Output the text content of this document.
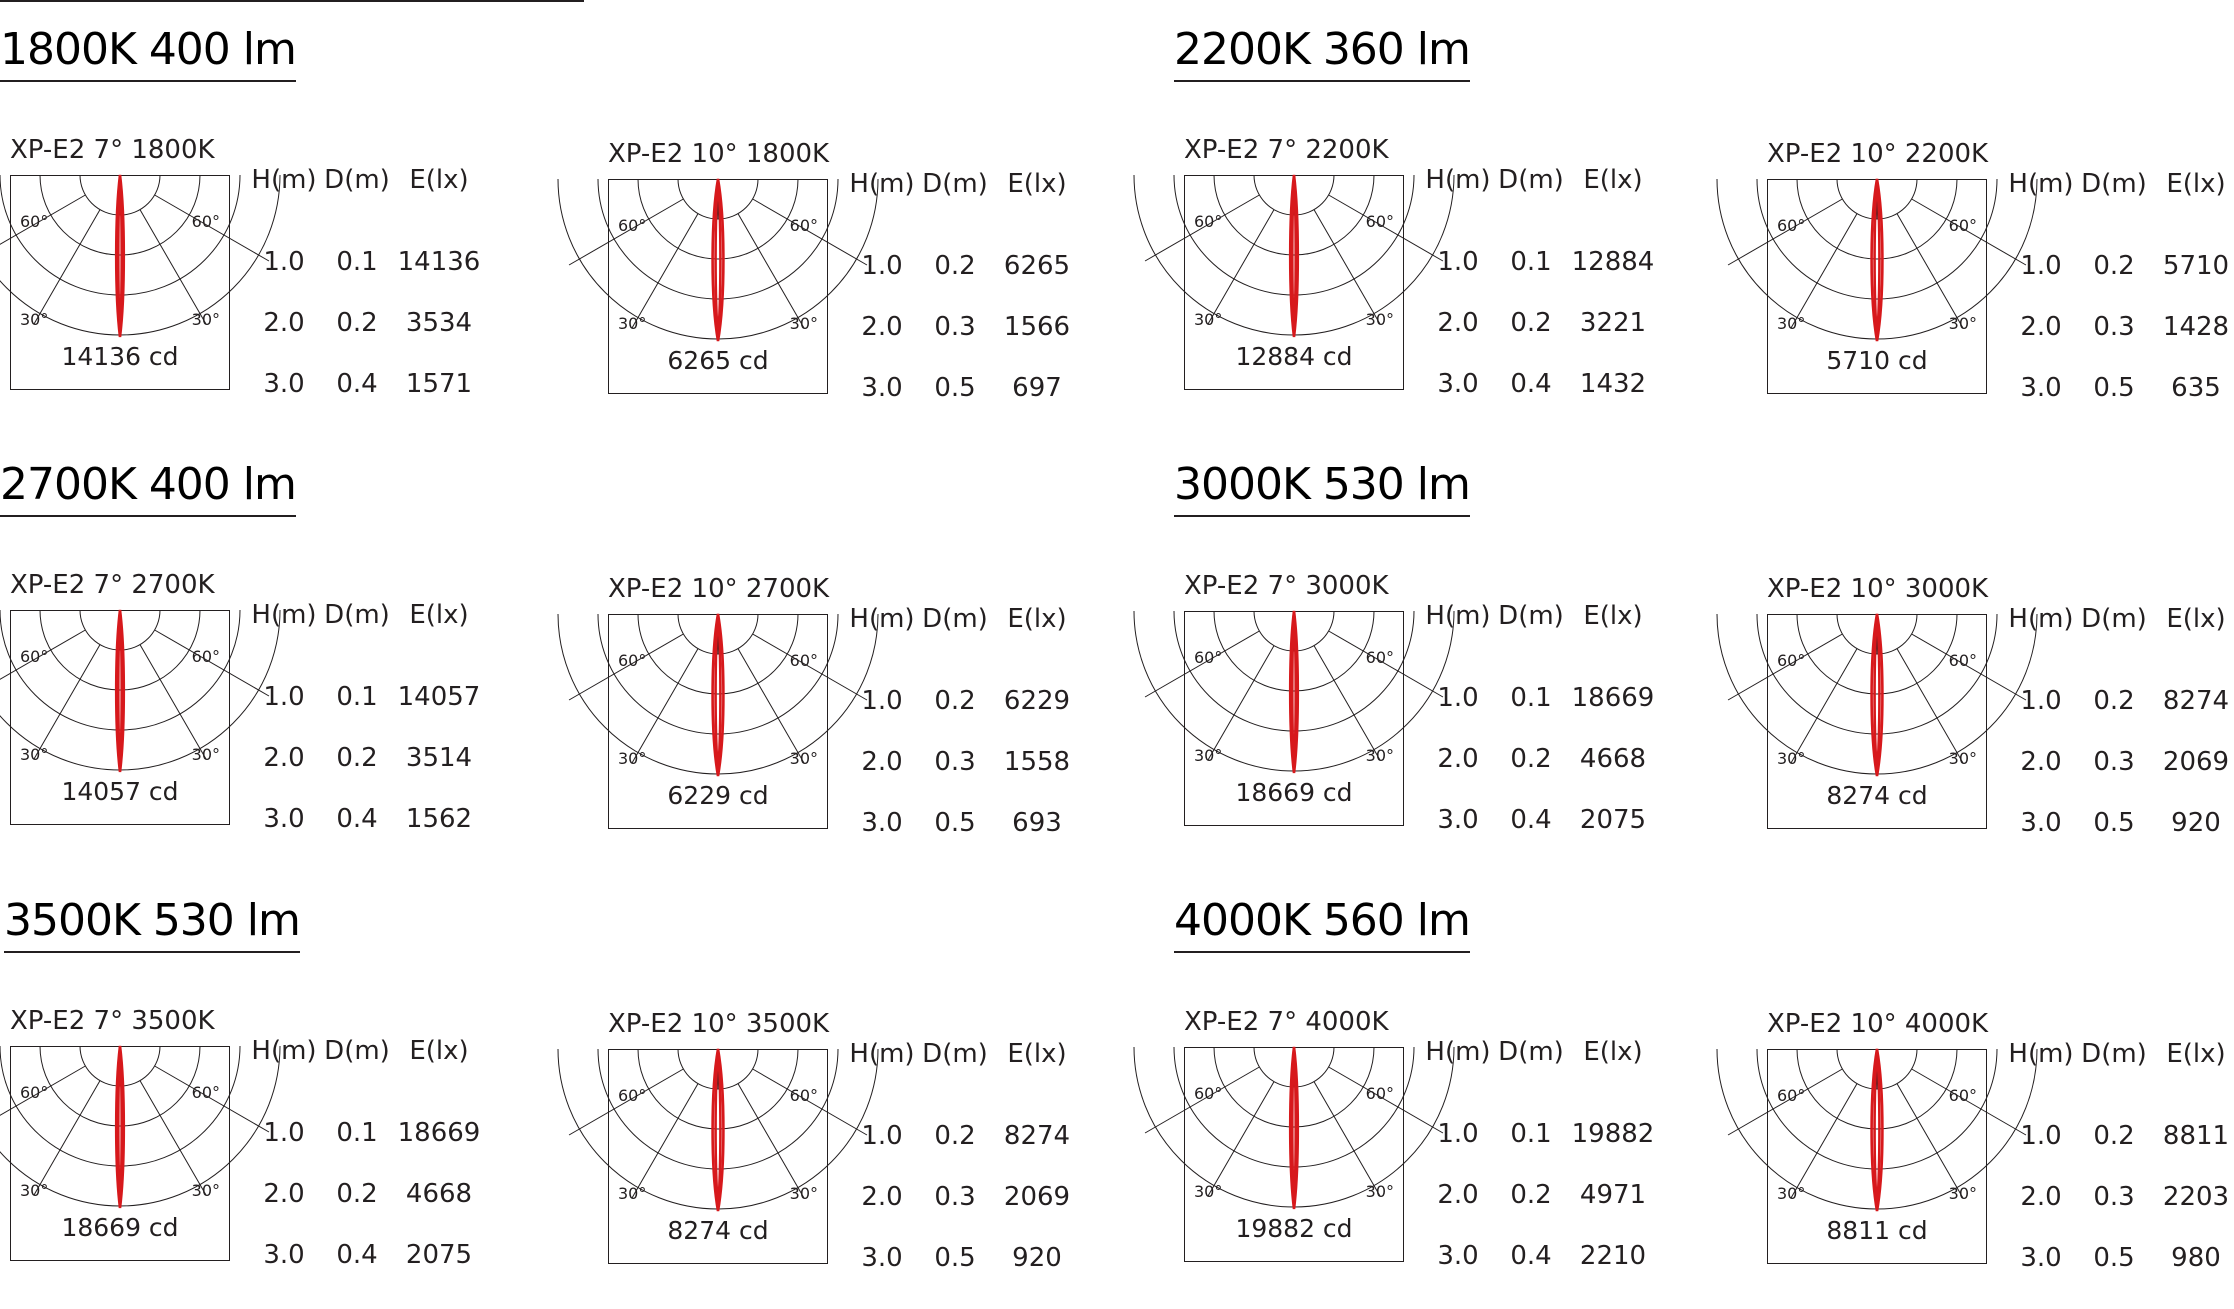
1800K 400 lm	2200K 360 lm
2700K 400 lm	3000K 530 lm
3500K 530 lm	4000K 560 lm
XP-E2 7° 1800K
60°	60°
30°	30°
14136 cd
H(m)	D(m)	E(lx)
1.0	0.1	14136
2.0	0.2	3534
3.0	0.4	1571
XP-E2 10° 1800K
60°	60°
30°	30°
6265 cd
H(m)	D(m)	E(lx)
1.0	0.2	6265
2.0	0.3	1566
3.0	0.5	697
XP-E2 7° 2200K
60°	60°
30°	30°
12884 cd
H(m)	D(m)	E(lx)
1.0	0.1	12884
2.0	0.2	3221
3.0	0.4	1432
XP-E2 10° 2200K
60°	60°
30°	30°
5710 cd
H(m)	D(m)	E(lx)
1.0	0.2	5710
2.0	0.3	1428
3.0	0.5	635
XP-E2 7° 2700K
60°	60°
30°	30°
14057 cd
H(m)	D(m)	E(lx)
1.0	0.1	14057
2.0	0.2	3514
3.0	0.4	1562
XP-E2 10° 2700K
60°	60°
30°	30°
6229 cd
H(m)	D(m)	E(lx)
1.0	0.2	6229
2.0	0.3	1558
3.0	0.5	693
XP-E2 7° 3000K
60°	60°
30°	30°
18669 cd
H(m)	D(m)	E(lx)
1.0	0.1	18669
2.0	0.2	4668
3.0	0.4	2075
XP-E2 10° 3000K
60°	60°
30°	30°
8274 cd
H(m)	D(m)	E(lx)
1.0	0.2	8274
2.0	0.3	2069
3.0	0.5	920
XP-E2 7° 3500K
60°	60°
30°	30°
18669 cd
H(m)	D(m)	E(lx)
1.0	0.1	18669
2.0	0.2	4668
3.0	0.4	2075
XP-E2 10° 3500K
60°	60°
30°	30°
8274 cd
H(m)	D(m)	E(lx)
1.0	0.2	8274
2.0	0.3	2069
3.0	0.5	920
XP-E2 7° 4000K
60°	60°
30°	30°
19882 cd
H(m)	D(m)	E(lx)
1.0	0.1	19882
2.0	0.2	4971
3.0	0.4	2210
XP-E2 10° 4000K
60°	60°
30°	30°
8811 cd
H(m)	D(m)	E(lx)
1.0	0.2	8811
2.0	0.3	2203
3.0	0.5	980
